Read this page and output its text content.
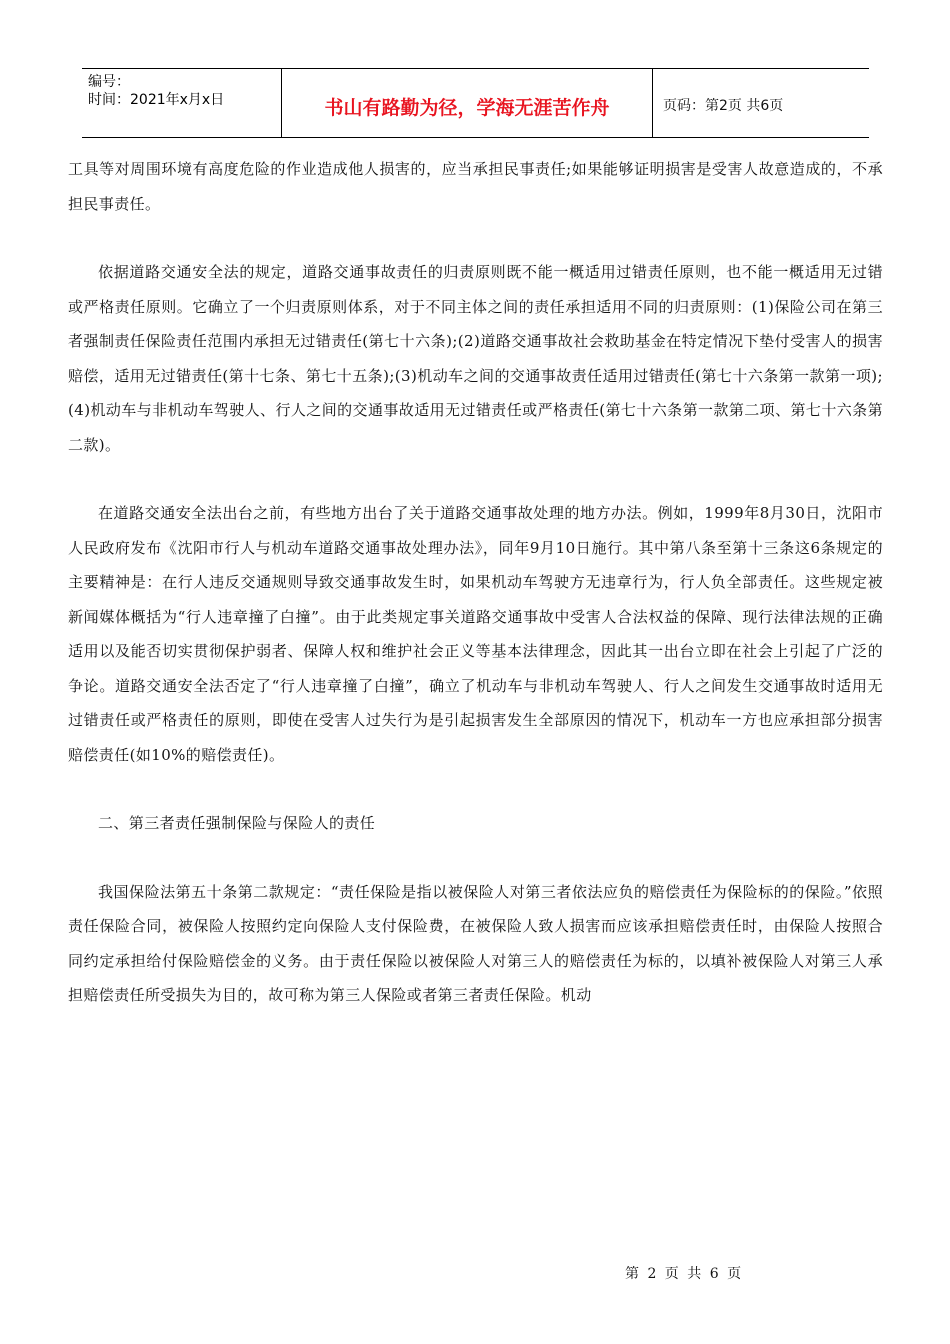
编号：
时间：2021年x月x日	书山有路勤为径，学海无涯苦作舟	页码：第2页 共6页

工具等对周围环境有高度危险的作业造成他人损害的，应当承担民事责任;如果能够证明损害是受害人故意造成的，不承担民事责任。

依据道路交通安全法的规定，道路交通事故责任的归责原则既不能一概适用过错责任原则，也不能一概适用无过错或严格责任原则。它确立了一个归责原则体系，对于不同主体之间的责任承担适用不同的归责原则：(1)保险公司在第三者强制责任保险责任范围内承担无过错责任(第七十六条);(2)道路交通事故社会救助基金在特定情况下垫付受害人的损害赔偿，适用无过错责任(第十七条、第七十五条);(3)机动车之间的交通事故责任适用过错责任(第七十六条第一款第一项);(4)机动车与非机动车驾驶人、行人之间的交通事故适用无过错责任或严格责任(第七十六条第一款第二项、第七十六条第二款)。

在道路交通安全法出台之前，有些地方出台了关于道路交通事故处理的地方办法。例如，1999年8月30日，沈阳市人民政府发布《沈阳市行人与机动车道路交通事故处理办法》，同年9月10日施行。其中第八条至第十三条这6条规定的主要精神是：在行人违反交通规则导致交通事故发生时，如果机动车驾驶方无违章行为，行人负全部责任。这些规定被新闻媒体概括为“行人违章撞了白撞”。由于此类规定事关道路交通事故中受害人合法权益的保障、现行法律法规的正确适用以及能否切实贯彻保护弱者、保障人权和维护社会正义等基本法律理念，因此其一出台立即在社会上引起了广泛的争论。道路交通安全法否定了“行人违章撞了白撞”，确立了机动车与非机动车驾驶人、行人之间发生交通事故时适用无过错责任或严格责任的原则，即使在受害人过失行为是引起损害发生全部原因的情况下，机动车一方也应承担部分损害赔偿责任(如10%的赔偿责任)。

二、第三者责任强制保险与保险人的责任

我国保险法第五十条第二款规定：“责任保险是指以被保险人对第三者依法应负的赔偿责任为保险标的的保险。”依照责任保险合同，被保险人按照约定向保险人支付保险费，在被保险人致人损害而应该承担赔偿责任时，由保险人按照合同约定承担给付保险赔偿金的义务。由于责任保险以被保险人对第三人的赔偿责任为标的，以填补被保险人对第三人承担赔偿责任所受损失为目的，故可称为第三人保险或者第三者责任保险。机动

第 2 页 共 6 页
